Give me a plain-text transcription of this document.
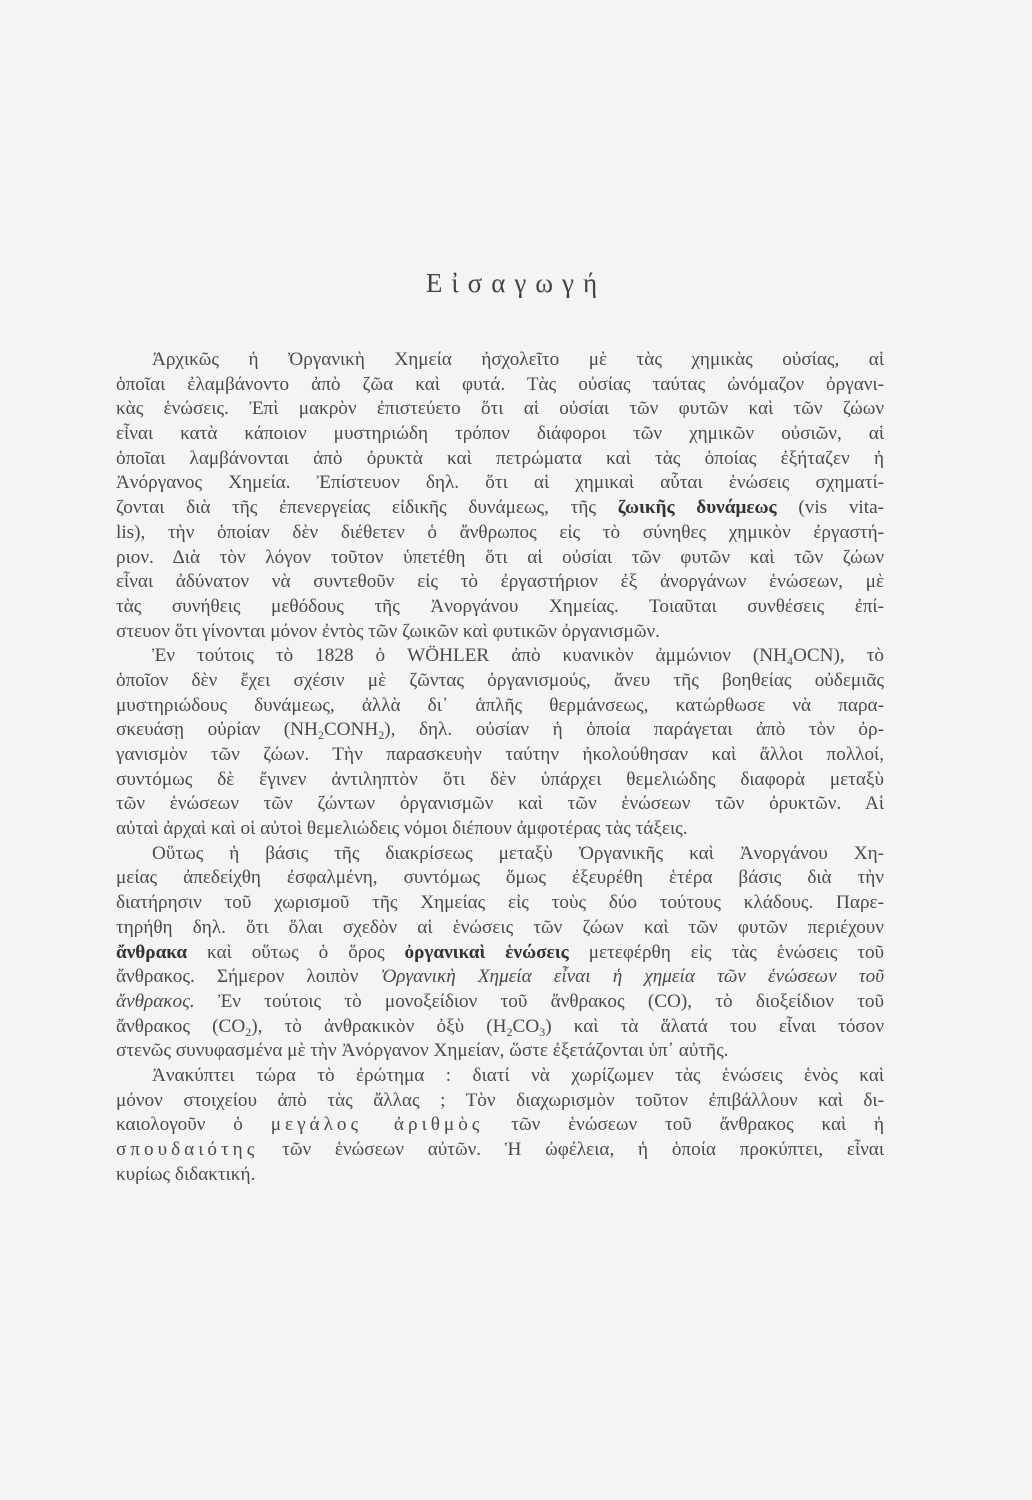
Εἰσαγωγή
Ἀρχικῶς ἡ Ὀργανικὴ Χημεία ἠσχολεῖτο μὲ τὰς χημικὰς οὐσίας, αἱ
ὁποῖαι ἐλαμβάνοντο ἀπὸ ζῶα καὶ φυτά. Τὰς οὐσίας ταύτας ὠνόμαζον ὀργανι-
κὰς ἑνώσεις. Ἐπὶ μακρὸν ἐπιστεύετο ὅτι αἱ οὐσίαι τῶν φυτῶν καὶ τῶν ζώων
εἶναι κατὰ κάποιον μυστηριώδη τρόπον διάφοροι τῶν χημικῶν οὐσιῶν, αἱ
ὁποῖαι λαμβάνονται ἀπὸ ὀρυκτὰ καὶ πετρώματα καὶ τὰς ὁποίας ἐξήταζεν ἡ
Ἀνόργανος Χημεία. Ἐπίστευον δηλ. ὅτι αἱ χημικαὶ αὗται ἑνώσεις σχηματί-
ζονται διὰ τῆς ἐπενεργείας εἰδικῆς δυνάμεως, τῆς ζωικῆς δυνάμεως (vis vita-
lis), τὴν ὁποίαν δὲν διέθετεν ὁ ἄνθρωπος εἰς τὸ σύνηθες χημικὸν ἐργαστή-
ριον. Διὰ τὸν λόγον τοῦτον ὑπετέθη ὅτι αἱ οὐσίαι τῶν φυτῶν καὶ τῶν ζώων
εἶναι ἀδύνατον νὰ συντεθοῦν εἰς τὸ ἐργαστήριον ἐξ ἀνοργάνων ἑνώσεων, μὲ
τὰς συνήθεις μεθόδους τῆς Ἀνοργάνου Χημείας. Τοιαῦται συνθέσεις ἐπί-
στευον ὅτι γίνονται μόνον ἐντὸς τῶν ζωικῶν καὶ φυτικῶν ὀργανισμῶν.
Ἐν τούτοις τὸ 1828 ὁ WÖHLER ἀπὸ κυανικὸν ἀμμώνιον $(NH_4OCN)$, τὸ
ὁποῖον δὲν ἔχει σχέσιν μὲ ζῶντας ὀργανισμούς, ἄνευ τῆς βοηθείας οὐδεμιᾶς
μυστηριώδους δυνάμεως, ἀλλὰ δι᾽ ἁπλῆς θερμάνσεως, κατώρθωσε νὰ παρα-
σκευάσῃ οὐρίαν $(NH_2CONH_2)$, δηλ. οὐσίαν ἡ ὁποία παράγεται ἀπὸ τὸν ὀρ-
γανισμὸν τῶν ζώων. Τὴν παρασκευὴν ταύτην ἠκολούθησαν καὶ ἄλλοι πολλοί,
συντόμως δὲ ἔγινεν ἀντιληπτὸν ὅτι δὲν ὑπάρχει θεμελιώδης διαφορὰ μεταξὺ
τῶν ἑνώσεων τῶν ζώντων ὀργανισμῶν καὶ τῶν ἑνώσεων τῶν ὀρυκτῶν. Αἱ
αὐταὶ ἀρχαὶ καὶ οἱ αὐτοὶ θεμελιώδεις νόμοι διέπουν ἀμφοτέρας τὰς τάξεις.
Οὕτως ἡ βάσις τῆς διακρίσεως μεταξὺ Ὀργανικῆς καὶ Ἀνοργάνου Χη-
μείας ἀπεδείχθη ἐσφαλμένη, συντόμως ὅμως ἐξευρέθη ἑτέρα βάσις διὰ τὴν
διατήρησιν τοῦ χωρισμοῦ τῆς Χημείας εἰς τοὺς δύο τούτους κλάδους. Παρε-
τηρήθη δηλ. ὅτι ὅλαι σχεδὸν αἱ ἑνώσεις τῶν ζώων καὶ τῶν φυτῶν περιέχουν
ἄνθρακα καὶ οὕτως ὁ ὅρος ὀργανικαὶ ἑνώσεις μετεφέρθη εἰς τὰς ἑνώσεις τοῦ
ἄνθρακος. Σήμερον λοιπὸν Ὀργανικὴ Χημεία εἶναι ἡ χημεία τῶν ἑνώσεων τοῦ
ἄνθρακος. Ἐν τούτοις τὸ μονοξείδιον τοῦ ἄνθρακος (CO), τὸ διοξείδιον τοῦ
ἄνθρακος $(CO_2)$, τὸ ἀνθρακικὸν ὀξὺ $(H_2CO_3)$ καὶ τὰ ἅλατά του εἶναι τόσον
στενῶς συνυφασμένα μὲ τὴν Ἀνόργανον Χημείαν, ὥστε ἐξετάζονται ὑπ᾽ αὐτῆς.
Ἀνακύπτει τώρα τὸ ἐρώτημα : διατί νὰ χωρίζωμεν τὰς ἑνώσεις ἑνὸς καὶ
μόνον στοιχείου ἀπὸ τὰς ἄλλας ; Τὸν διαχωρισμὸν τοῦτον ἐπιβάλλουν καὶ δι-
καιολογοῦν ὁ μεγάλος ἀριθμὸς τῶν ἑνώσεων τοῦ ἄνθρακος καὶ ἡ
σπουδαιότης τῶν ἑνώσεων αὐτῶν. Ἡ ὠφέλεια, ἡ ὁποία προκύπτει, εἶναι
κυρίως διδακτική.
